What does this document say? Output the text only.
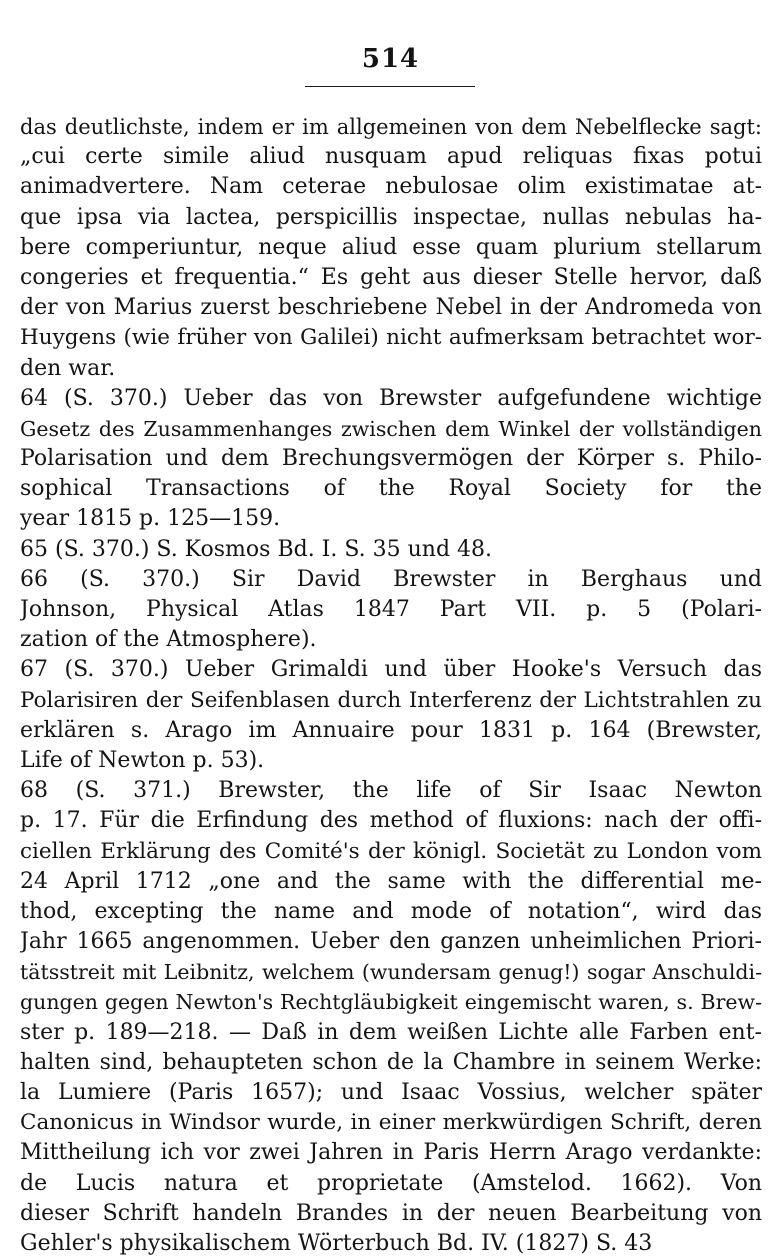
514
das deutlichste, indem er im allgemeinen von dem Nebelflecke sagt:
„cui certe simile aliud nusquam apud reliquas fixas potui
animadvertere. Nam ceterae nebulosae olim existimatae at-
que ipsa via lactea, perspicillis inspectae, nullas nebulas ha-
bere comperiuntur, neque aliud esse quam plurium stellarum
congeries et frequentia.“ Es geht aus dieser Stelle hervor, daß
der von Marius zuerst beschriebene Nebel in der Andromeda von
Huygens (wie früher von Galilei) nicht aufmerksam betrachtet wor-
den war.
64 (S. 370.) Ueber das von Brewster aufgefundene wichtige
Gesetz des Zusammenhanges zwischen dem Winkel der vollständigen
Polarisation und dem Brechungsvermögen der Körper s. Philo-
sophical Transactions of the Royal Society for the
year 1815 p. 125—159.
65 (S. 370.) S. Kosmos Bd. I. S. 35 und 48.
66 (S. 370.) Sir David Brewster in Berghaus und
Johnson, Physical Atlas 1847 Part VII. p. 5 (Polari-
zation of the Atmosphere).
67 (S. 370.) Ueber Grimaldi und über Hooke's Versuch das
Polarisiren der Seifenblasen durch Interferenz der Lichtstrahlen zu
erklären s. Arago im Annuaire pour 1831 p. 164 (Brewster,
Life of Newton p. 53).
68 (S. 371.) Brewster, the life of Sir Isaac Newton
p. 17. Für die Erfindung des method of fluxions: nach der offi-
ciellen Erklärung des Comité's der königl. Societät zu London vom
24 April 1712 „one and the same with the differential me-
thod, excepting the name and mode of notation“, wird das
Jahr 1665 angenommen. Ueber den ganzen unheimlichen Priori-
tätsstreit mit Leibnitz, welchem (wundersam genug!) sogar Anschuldi-
gungen gegen Newton's Rechtgläubigkeit eingemischt waren, s. Brew-
ster p. 189—218. — Daß in dem weißen Lichte alle Farben ent-
halten sind, behaupteten schon de la Chambre in seinem Werke:
la Lumiere (Paris 1657); und Isaac Vossius, welcher später
Canonicus in Windsor wurde, in einer merkwürdigen Schrift, deren
Mittheilung ich vor zwei Jahren in Paris Herrn Arago verdankte:
de Lucis natura et proprietate (Amstelod. 1662). Von
dieser Schrift handeln Brandes in der neuen Bearbeitung von
Gehler's physikalischem Wörterbuch Bd. IV. (1827) S. 43
